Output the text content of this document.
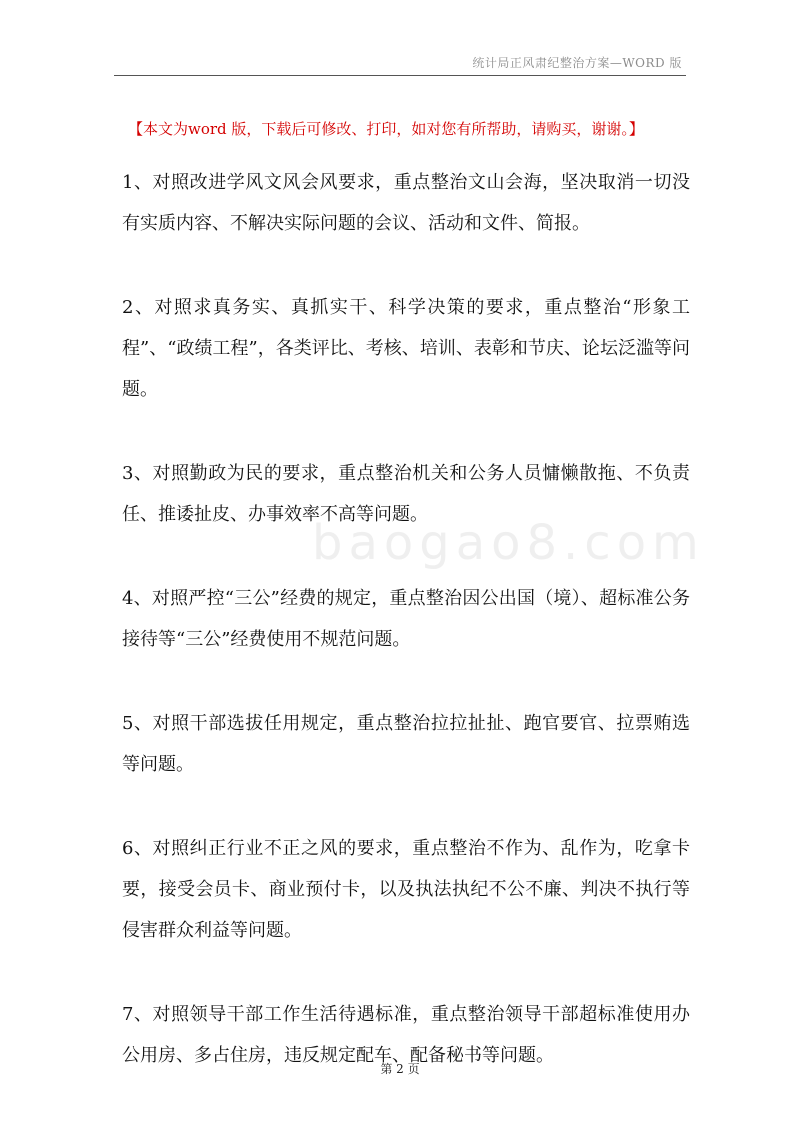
统计局正风肃纪整治方案—WORD 版
【本文为word 版，下载后可修改、打印，如对您有所帮助，请购买，谢谢。】
baogao8.com

1、对照改进学风文风会风要求，重点整治文山会海，坚决取消一切没有实质内容、不解决实际问题的会议、活动和文件、简报。

2、对照求真务实、真抓实干、科学决策的要求，重点整治“形象工程”、“政绩工程”，各类评比、考核、培训、表彰和节庆、论坛泛滥等问题。

3、对照勤政为民的要求，重点整治机关和公务人员慵懒散拖、不负责任、推诿扯皮、办事效率不高等问题。

4、对照严控“三公”经费的规定，重点整治因公出国（境）、超标准公务接待等“三公”经费使用不规范问题。

5、对照干部选拔任用规定，重点整治拉拉扯扯、跑官要官、拉票贿选等问题。

6、对照纠正行业不正之风的要求，重点整治不作为、乱作为，吃拿卡要，接受会员卡、商业预付卡，以及执法执纪不公不廉、判决不执行等侵害群众利益等问题。

7、对照领导干部工作生活待遇标准，重点整治领导干部超标准使用办公用房、多占住房，违反规定配车、配备秘书等问题。

第 2 页
